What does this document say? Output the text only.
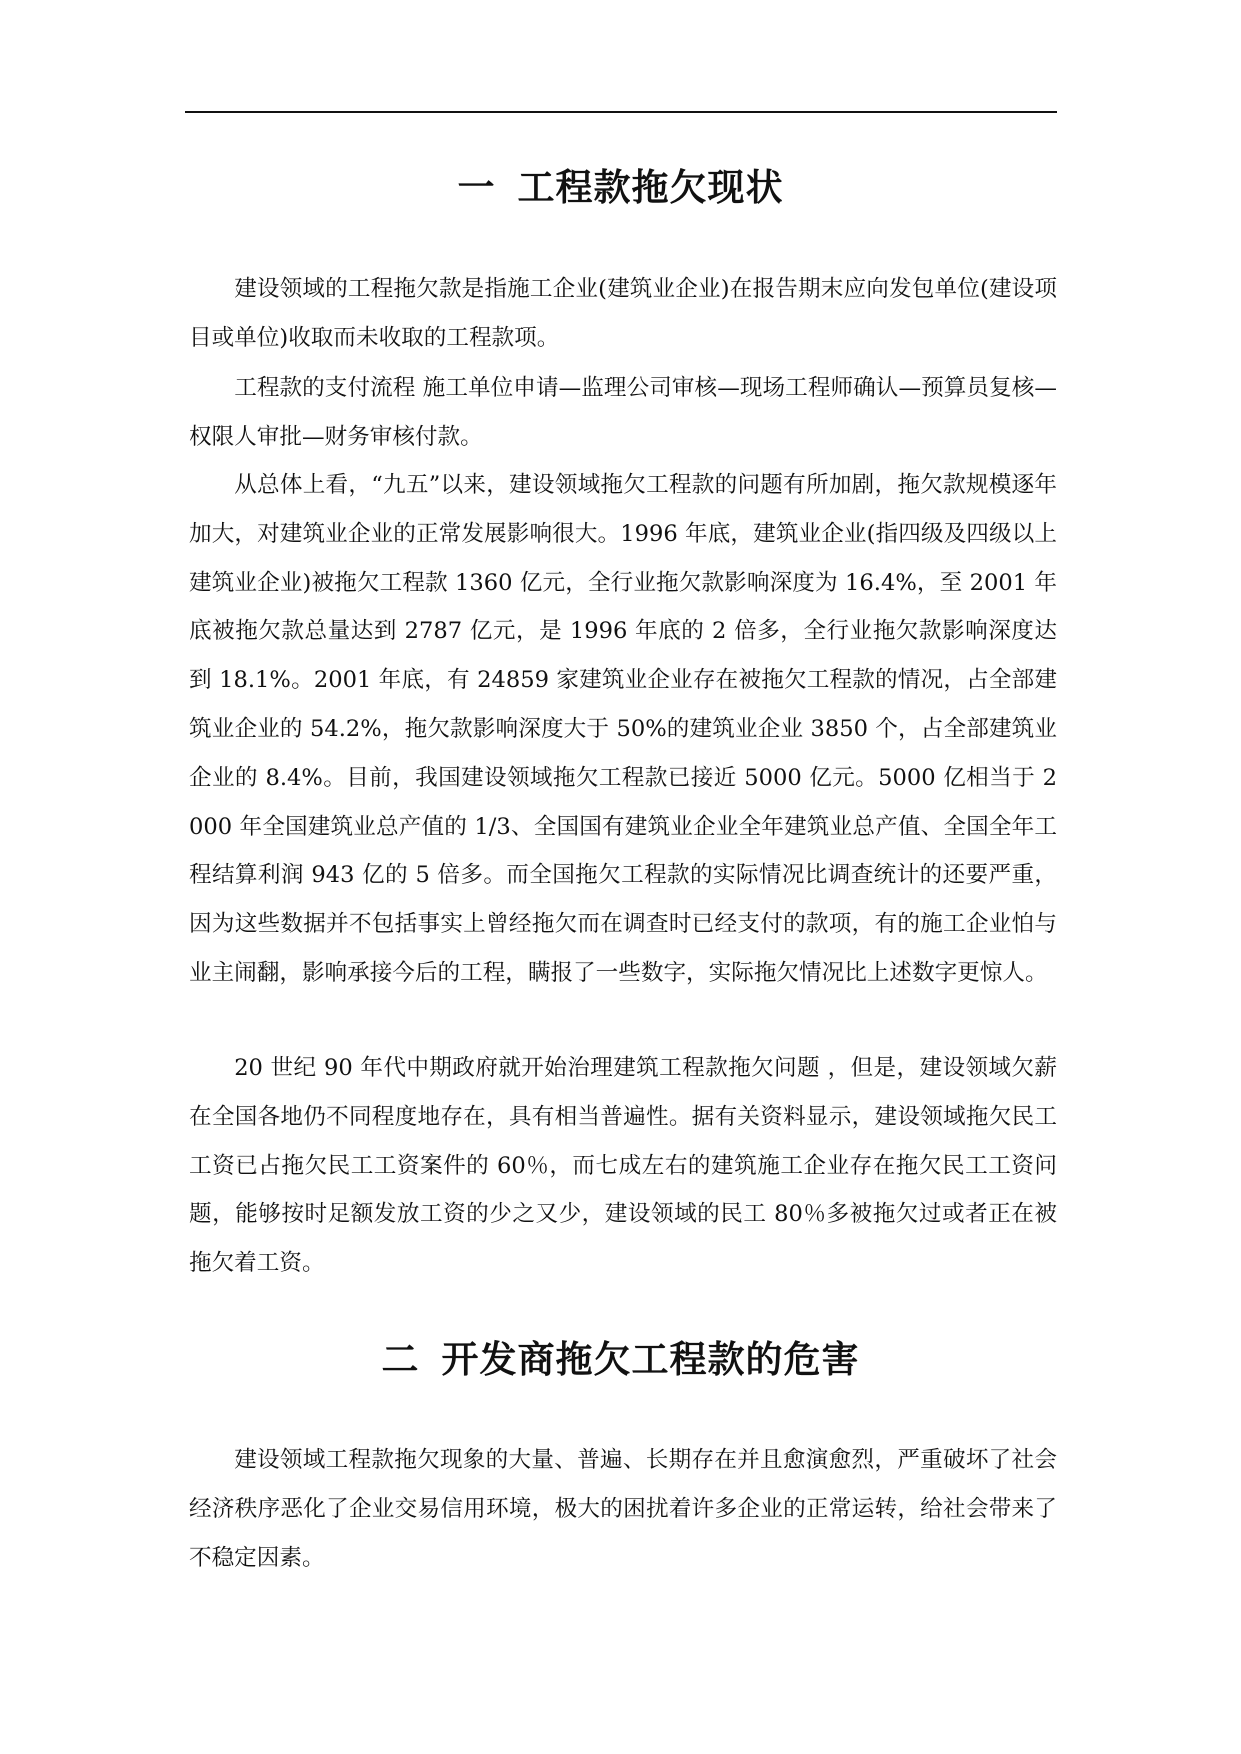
一 工程款拖欠现状

建设领域的工程拖欠款是指施工企业(建筑业企业)在报告期末应向发包单位(建设项目或单位)收取而未收取的工程款项。

工程款的支付流程 施工单位申请—监理公司审核—现场工程师确认—预算员复核—权限人审批—财务审核付款。

从总体上看，“九五”以来，建设领域拖欠工程款的问题有所加剧，拖欠款规模逐年加大，对建筑业企业的正常发展影响很大。1996 年底，建筑业企业(指四级及四级以上建筑业企业)被拖欠工程款 1360 亿元，全行业拖欠款影响深度为 16.4%，至 2001 年底被拖欠款总量达到 2787 亿元，是 1996 年底的 2 倍多，全行业拖欠款影响深度达到 18.1%。2001 年底，有 24859 家建筑业企业存在被拖欠工程款的情况，占全部建筑业企业的 54.2%，拖欠款影响深度大于 50%的建筑业企业 3850 个，占全部建筑业企业的 8.4%。目前，我国建设领域拖欠工程款已接近 5000 亿元。5000 亿相当于 2000 年全国建筑业总产值的 1/3、全国国有建筑业企业全年建筑业总产值、全国全年工程结算利润 943 亿的 5 倍多。而全国拖欠工程款的实际情况比调查统计的还要严重，因为这些数据并不包括事实上曾经拖欠而在调查时已经支付的款项，有的施工企业怕与业主闹翻，影响承接今后的工程，瞒报了一些数字，实际拖欠情况比上述数字更惊人。

20 世纪 90 年代中期政府就开始治理建筑工程款拖欠问题 ，但是，建设领域欠薪在全国各地仍不同程度地存在，具有相当普遍性。据有关资料显示，建设领域拖欠民工工资已占拖欠民工工资案件的 60％，而七成左右的建筑施工企业存在拖欠民工工资问题，能够按时足额发放工资的少之又少，建设领域的民工 80％多被拖欠过或者正在被拖欠着工资。

二 开发商拖欠工程款的危害

建设领域工程款拖欠现象的大量、普遍、长期存在并且愈演愈烈，严重破坏了社会经济秩序恶化了企业交易信用环境，极大的困扰着许多企业的正常运转，给社会带来了不稳定因素。
